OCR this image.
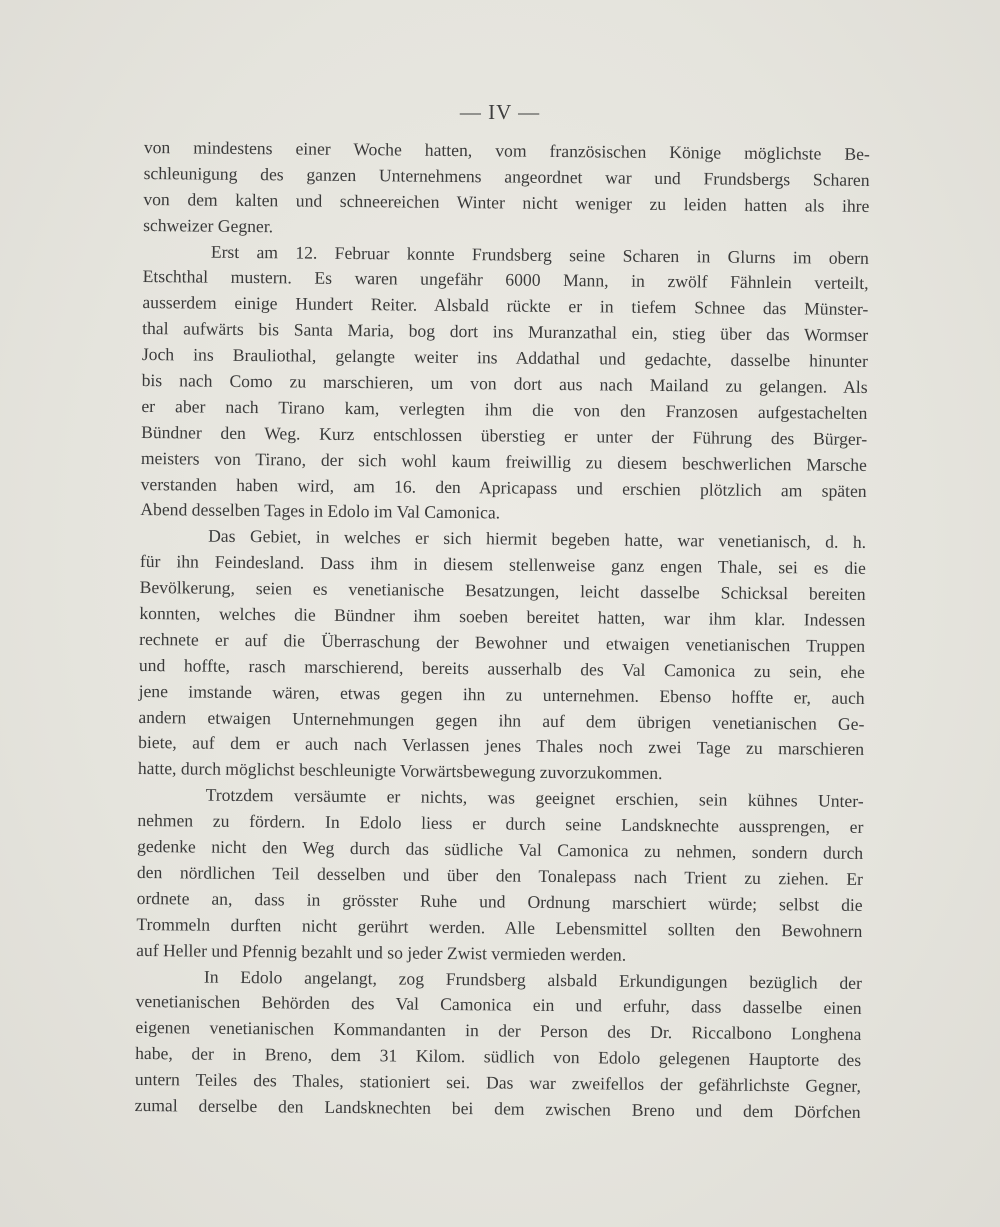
— IV —
von mindestens einer Woche hatten, vom französischen Könige möglichste Be-
schleunigung des ganzen Unternehmens angeordnet war und Frundsbergs Scharen
von dem kalten und schneereichen Winter nicht weniger zu leiden hatten als ihre
schweizer Gegner.
Erst am 12. Februar konnte Frundsberg seine Scharen in Glurns im obern
Etschthal mustern. Es waren ungefähr 6000 Mann, in zwölf Fähnlein verteilt,
ausserdem einige Hundert Reiter. Alsbald rückte er in tiefem Schnee das Münster-
thal aufwärts bis Santa Maria, bog dort ins Muranzathal ein, stieg über das Wormser
Joch ins Brauliothal, gelangte weiter ins Addathal und gedachte, dasselbe hinunter
bis nach Como zu marschieren, um von dort aus nach Mailand zu gelangen. Als
er aber nach Tirano kam, verlegten ihm die von den Franzosen aufgestachelten
Bündner den Weg. Kurz entschlossen überstieg er unter der Führung des Bürger-
meisters von Tirano, der sich wohl kaum freiwillig zu diesem beschwerlichen Marsche
verstanden haben wird, am 16. den Apricapass und erschien plötzlich am späten
Abend desselben Tages in Edolo im Val Camonica.
Das Gebiet, in welches er sich hiermit begeben hatte, war venetianisch, d. h.
für ihn Feindesland. Dass ihm in diesem stellenweise ganz engen Thale, sei es die
Bevölkerung, seien es venetianische Besatzungen, leicht dasselbe Schicksal bereiten
konnten, welches die Bündner ihm soeben bereitet hatten, war ihm klar. Indessen
rechnete er auf die Überraschung der Bewohner und etwaigen venetianischen Truppen
und hoffte, rasch marschierend, bereits ausserhalb des Val Camonica zu sein, ehe
jene imstande wären, etwas gegen ihn zu unternehmen. Ebenso hoffte er, auch
andern etwaigen Unternehmungen gegen ihn auf dem übrigen venetianischen Ge-
biete, auf dem er auch nach Verlassen jenes Thales noch zwei Tage zu marschieren
hatte, durch möglichst beschleunigte Vorwärtsbewegung zuvorzukommen.
Trotzdem versäumte er nichts, was geeignet erschien, sein kühnes Unter-
nehmen zu fördern. In Edolo liess er durch seine Landsknechte aussprengen, er
gedenke nicht den Weg durch das südliche Val Camonica zu nehmen, sondern durch
den nördlichen Teil desselben und über den Tonalepass nach Trient zu ziehen. Er
ordnete an, dass in grösster Ruhe und Ordnung marschiert würde; selbst die
Trommeln durften nicht gerührt werden. Alle Lebensmittel sollten den Bewohnern
auf Heller und Pfennig bezahlt und so jeder Zwist vermieden werden.
In Edolo angelangt, zog Frundsberg alsbald Erkundigungen bezüglich der
venetianischen Behörden des Val Camonica ein und erfuhr, dass dasselbe einen
eigenen venetianischen Kommandanten in der Person des Dr. Riccalbono Longhena
habe, der in Breno, dem 31 Kilom. südlich von Edolo gelegenen Hauptorte des
untern Teiles des Thales, stationiert sei. Das war zweifellos der gefährlichste Gegner,
zumal derselbe den Landsknechten bei dem zwischen Breno und dem Dörfchen
